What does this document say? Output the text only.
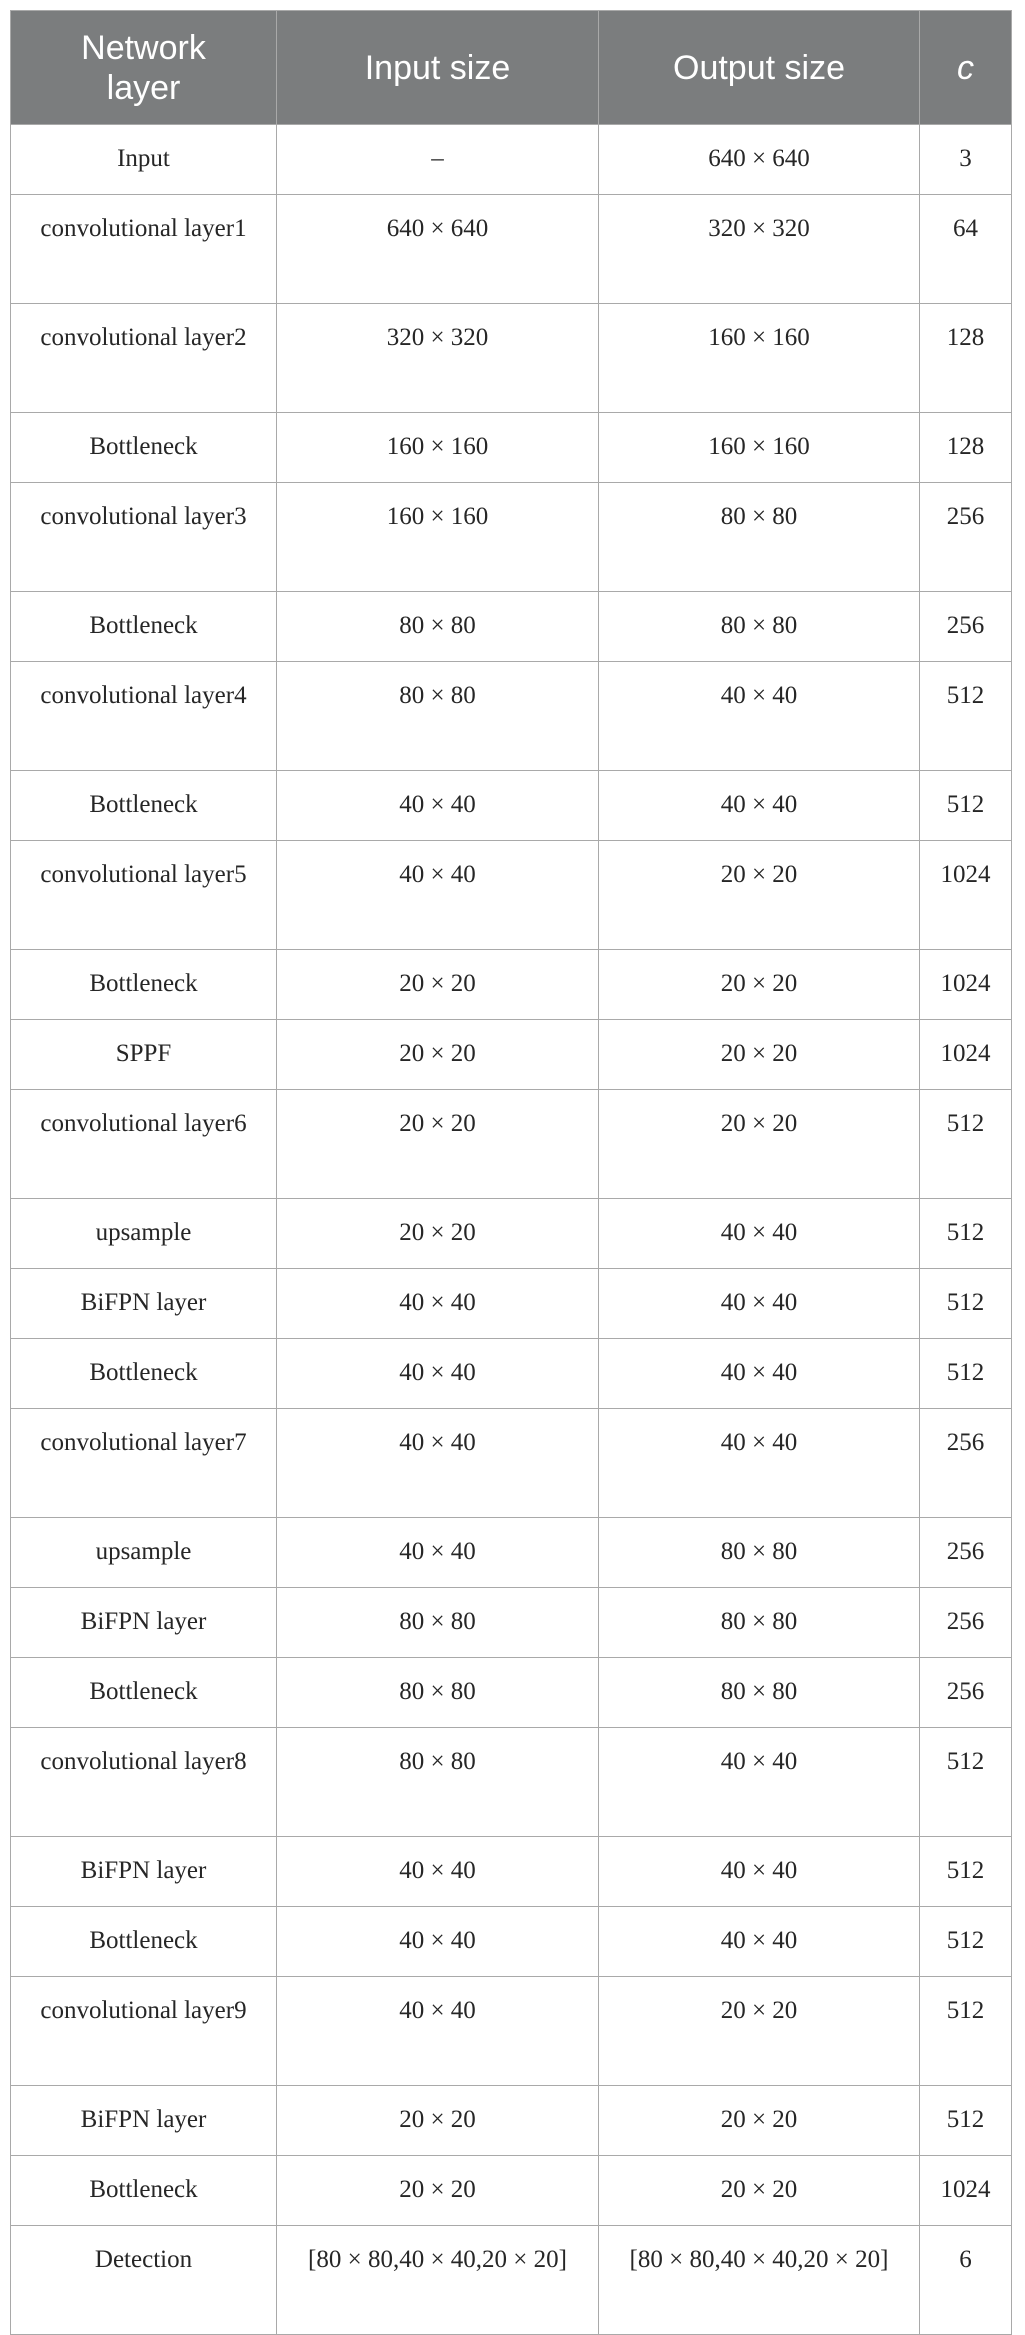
Network
layer	Input size	Output size	c
Input	–	640 × 640	3
convolutional layer1	640 × 640	320 × 320	64
convolutional layer2	320 × 320	160 × 160	128
Bottleneck	160 × 160	160 × 160	128
convolutional layer3	160 × 160	80 × 80	256
Bottleneck	80 × 80	80 × 80	256
convolutional layer4	80 × 80	40 × 40	512
Bottleneck	40 × 40	40 × 40	512
convolutional layer5	40 × 40	20 × 20	1024
Bottleneck	20 × 20	20 × 20	1024
SPPF	20 × 20	20 × 20	1024
convolutional layer6	20 × 20	20 × 20	512
upsample	20 × 20	40 × 40	512
BiFPN layer	40 × 40	40 × 40	512
Bottleneck	40 × 40	40 × 40	512
convolutional layer7	40 × 40	40 × 40	256
upsample	40 × 40	80 × 80	256
BiFPN layer	80 × 80	80 × 80	256
Bottleneck	80 × 80	80 × 80	256
convolutional layer8	80 × 80	40 × 40	512
BiFPN layer	40 × 40	40 × 40	512
Bottleneck	40 × 40	40 × 40	512
convolutional layer9	40 × 40	20 × 20	512
BiFPN layer	20 × 20	20 × 20	512
Bottleneck	20 × 20	20 × 20	1024
Detection	[80 × 80,40 × 40,20 × 20]	[80 × 80,40 × 40,20 × 20]	6
